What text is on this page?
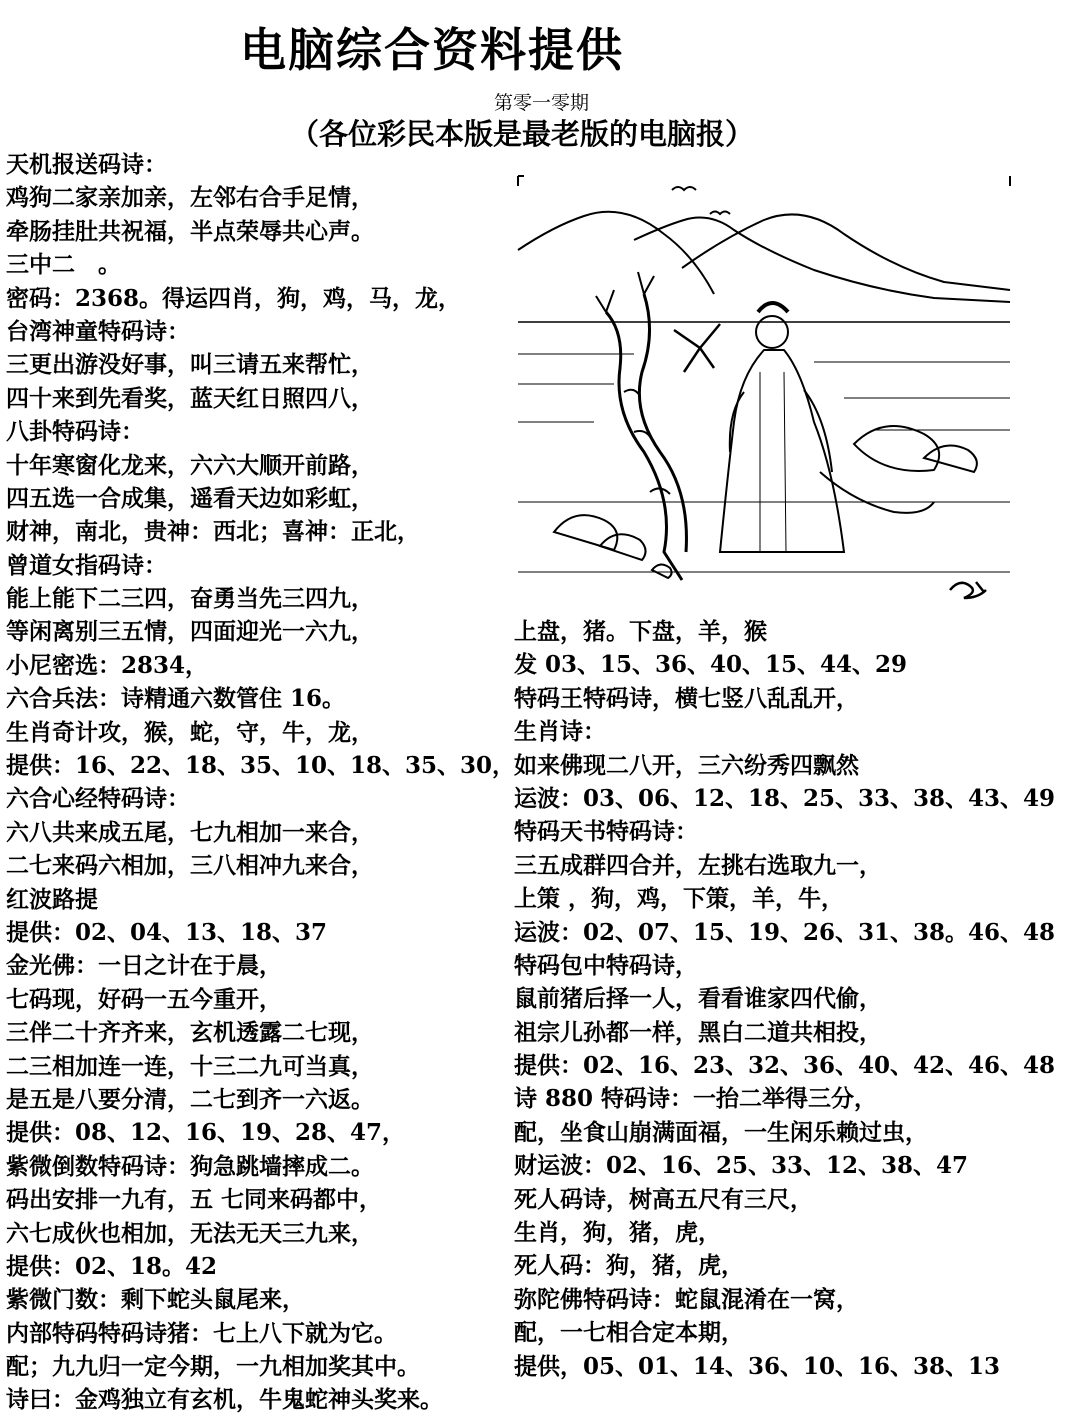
电脑综合资料提供
第零一零期
（各位彩民本版是最老版的电脑报）
天机报送码诗：
鸡狗二家亲加亲，左邻右合手足情，
牵肠挂肚共祝福，半点荣辱共心声。
三中二　。
密码：2368。得运四肖，狗，鸡，马，龙，
台湾神童特码诗：
三更出游没好事，叫三请五来帮忙，
四十来到先看奖，蓝天红日照四八，
八卦特码诗：
十年寒窗化龙来，六六大顺开前路，
四五选一合成集，遥看天边如彩虹，
财神，南北，贵神：西北；喜神：正北，
曾道女指码诗：
能上能下二三四，奋勇当先三四九，
等闲离别三五情，四面迎光一六九，
小尼密选：2834，
六合兵法：诗精通六数管住 16。
生肖奇计攻，猴，蛇，守，牛，龙，
提供：16、22、18、35、10、18、35、30，
六合心经特码诗：
六八共来成五尾，七九相加一来合，
二七来码六相加，三八相冲九来合，
红波路提
提供：02、04、13、18、37
金光佛：一日之计在于晨，
七码现，好码一五今重开，
三伴二十齐齐来，玄机透露二七现，
二三相加连一连，十三二九可当真，
是五是八要分清，二七到齐一六返。
提供：08、12、16、19、28、47，
紫微倒数特码诗：狗急跳墙摔成二。
码出安排一九有，五 七同来码都中，
六七成伙也相加，无法无天三九来，
提供：02、18。42
紫微门数：剩下蛇头鼠尾来，
内部特码特码诗猪：七上八下就为它。
配；九九归一定今期，一九相加奖其中。
诗曰：金鸡独立有玄机，牛鬼蛇神头奖来。
上盘，猪。下盘，羊，猴
发 03、15、36、40、15、44、29
特码王特码诗，横七竖八乱乱开，
生肖诗：
如来佛现二八开，三六纷秀四飘然
运波：03、06、12、18、25、33、38、43、49
特码天书特码诗：
三五成群四合并，左挑右选取九一，
上策 ，狗，鸡，下策，羊，牛，
运波：02、07、15、19、26、31、38。46、48
特码包中特码诗，
鼠前猪后择一人，看看谁家四代偷，
祖宗儿孙都一样，黑白二道共相投，
提供：02、16、23、32、36、40、42、46、48
诗 880 特码诗：一抬二举得三分，
配，坐食山崩满面福，一生闲乐赖过虫，
财运波：02、16、25、33、12、38、47
死人码诗，树高五尺有三尺，
生肖，狗，猪，虎，
死人码：狗，猪，虎，
弥陀佛特码诗：蛇鼠混淆在一窝，
配，一七相合定本期，
提供，05、01、14、36、10、16、38、13
